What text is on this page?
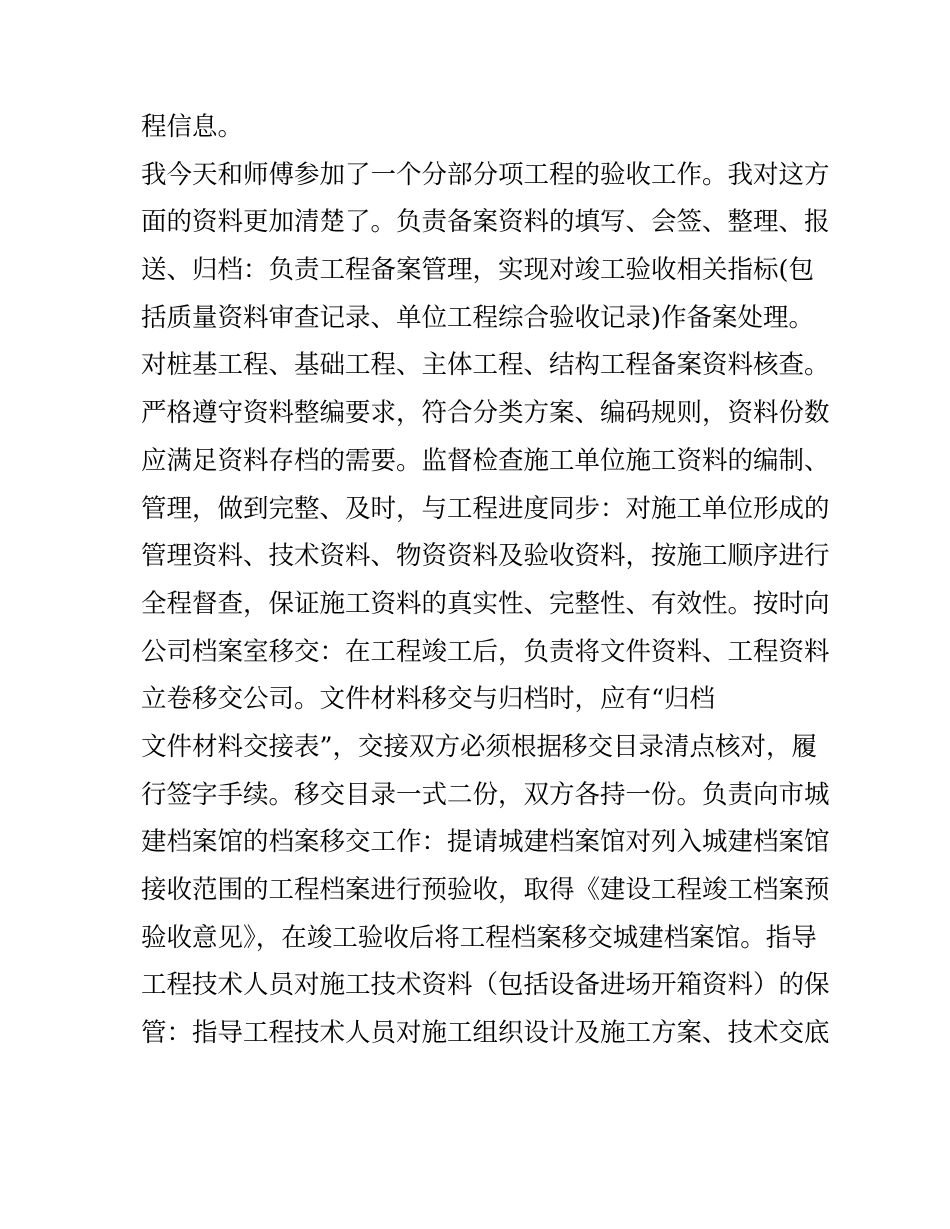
程信息。
我今天和师傅参加了一个分部分项工程的验收工作。我对这方
面的资料更加清楚了。负责备案资料的填写、会签、整理、报
送、归档：负责工程备案管理，实现对竣工验收相关指标(包
括质量资料审查记录、单位工程综合验收记录)作备案处理。
对桩基工程、基础工程、主体工程、结构工程备案资料核查。
严格遵守资料整编要求，符合分类方案、编码规则，资料份数
应满足资料存档的需要。监督检查施工单位施工资料的编制、
管理，做到完整、及时，与工程进度同步：对施工单位形成的
管理资料、技术资料、物资资料及验收资料，按施工顺序进行
全程督查，保证施工资料的真实性、完整性、有效性。按时向
公司档案室移交：在工程竣工后，负责将文件资料、工程资料
立卷移交公司。文件材料移交与归档时，应有“归档
文件材料交接表”，交接双方必须根据移交目录清点核对，履
行签字手续。移交目录一式二份，双方各持一份。负责向市城
建档案馆的档案移交工作：提请城建档案馆对列入城建档案馆
接收范围的工程档案进行预验收，取得《建设工程竣工档案预
验收意见》，在竣工验收后将工程档案移交城建档案馆。指导
工程技术人员对施工技术资料（包括设备进场开箱资料）的保
管：指导工程技术人员对施工组织设计及施工方案、技术交底
